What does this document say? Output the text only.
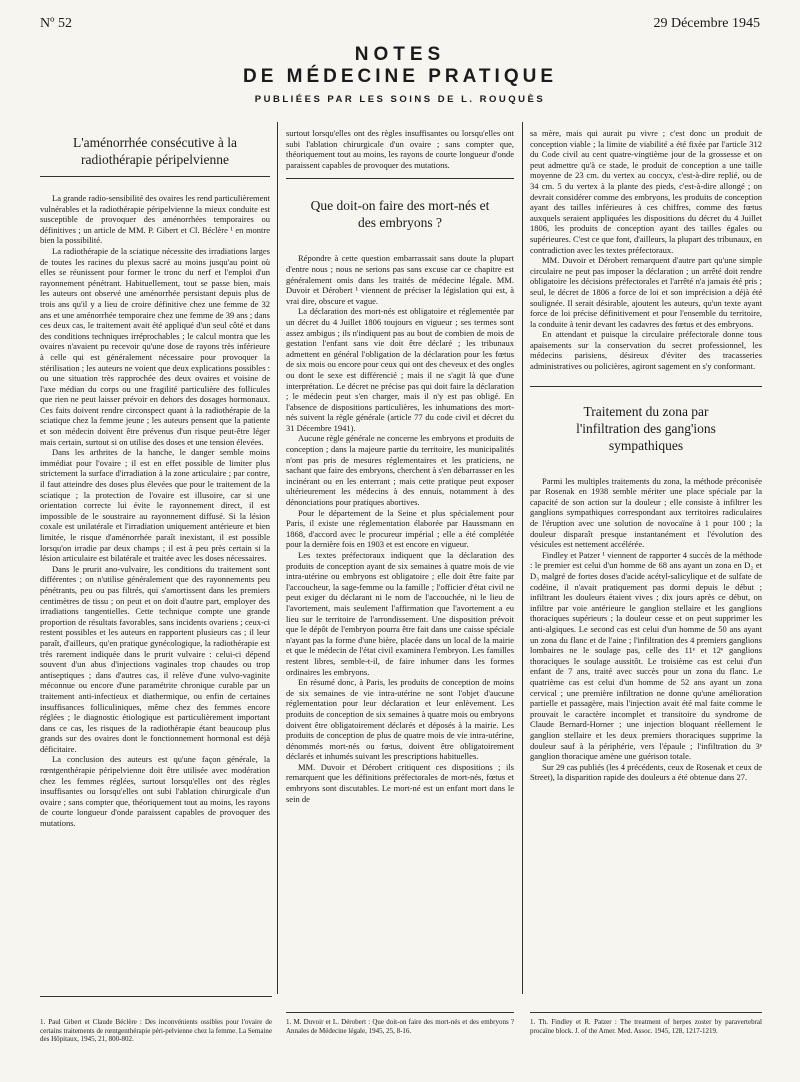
Nº 52	29 Décembre 1945
NOTES
DE MÉDECINE PRATIQUE
PUBLIÉES PAR LES SOINS DE L. ROUQUÈS
L'aménorrhée consécutive à la radiothérapie péripelvienne

La grande radio-sensibilité des ovaires les rend particulièrement vulnérables et la radiothérapie péripelvienne la mieux conduite est susceptible de provoquer des aménorrhées temporaires ou définitives ; un article de MM. P. Gibert et Cl. Béclère ¹ en montre bien la possibilité.

La radiothérapie de la sciatique nécessite des irradiations larges de toutes les racines du plexus sacré au moins jusqu'au point où elles se réunissent pour former le tronc du nerf et l'emploi d'un rayonnement pénétrant. Habituellement, tout se passe bien, mais les auteurs ont observé une aménorrhée persistant depuis plus de trois ans qu'il y a lieu de croire définitive chez une femme de 32 ans et une aménorrhée temporaire chez une femme de 39 ans ; dans ces deux cas, le traitement avait été appliqué d'un seul côté et dans des conditions techniques irréprochables ; le calcul montra que les ovaires n'avaient pu recevoir qu'une dose de rayons très inférieure à celle qui est généralement nécessaire pour provoquer la stérilisation ; les auteurs ne voient que deux explications possibles : ou une situation très rapprochée des deux ovaires et voisine de l'axe médian du corps ou une fragilité particulière des follicules que rien ne peut laisser prévoir en dehors des dosages hormonaux. Ces faits doivent rendre circonspect quant à la radiothérapie de la sciatique chez la femme jeune ; les auteurs pensent que la patiente et son médecin doivent être prévenus d'un risque peut-être léger mais certain, surtout si on utilise des doses et une tension élevées.

Dans les arthrites de la hanche, le danger semble moins immédiat pour l'ovaire ; il est en effet possible de limiter plus strictement la surface d'irradiation à la zone articulaire ; par contre, il faut atteindre des doses plus élevées que pour le traitement de la sciatique ; la protection de l'ovaire est illusoire, car si une orientation correcte lui évite le rayonnement direct, il est impossible de le soustraire au rayonnement diffusé. Si la lésion coxale est unilatérale et l'irradiation uniquement antérieure et bien limitée, le risque d'aménorrhée paraît inexistant, il est possible lorsqu'on irradie par deux champs ; il est à peu près certain si la lésion articulaire est bilatérale et traitée avec les doses nécessaires.

Dans le prurit ano-vulvaire, les conditions du traitement sont différentes ; on n'utilise généralement que des rayonnements peu pénétrants, peu ou pas filtrés, qui s'amortissent dans les premiers centimètres de tissu ; on peut et on doit d'autre part, employer des irradiations tangentielles. Cette technique compte une grande proportion de résultats favorables, sans incidents ovariens ; ceux-ci restent possibles et les auteurs en rapportent plusieurs cas ; il leur paraît, d'ailleurs, qu'en pratique gynécologique, la radiothérapie est très rarement indiquée dans le prurit vulvaire : celui-ci dépend souvent d'un abus d'injections vaginales trop chaudes ou trop antiseptiques ; dans d'autres cas, il relève d'une vulvo-vaginite méconnue ou encore d'une paramétrite chronique curable par un traitement anti-infectieux et diathermique, ou enfin de certaines insuffisances folliculiniques, même chez des femmes encore réglées ; le diagnostic étiologique est particulièrement important dans ce cas, les risques de la radiothérapie étant beaucoup plus grands sur des ovaires dont le fonctionnement hormonal est déjà déficitaire.

La conclusion des auteurs est qu'une façon générale, la rœntgenthérapie péripelvienne doit être utilisée avec modération chez les femmes réglées, surtout lorsqu'elles ont des règles insuffisantes ou lorsqu'elles ont subi l'ablation chirurgicale d'un ovaire ; sans compter que, théoriquement tout au moins, les rayons de courte longueur d'onde paraissent capables de provoquer des mutations.

surtout lorsqu'elles ont des règles insuffisantes ou lorsqu'elles ont subi l'ablation chirurgicale d'un ovaire ; sans compter que, théoriquement tout au moins, les rayons de courte longueur d'onde paraissent capables de provoquer des mutations.

Que doit-on faire des mort-nés et des embryons ?

Répondre à cette question embarrassait sans doute la plupart d'entre nous ; nous ne serions pas sans excuse car ce chapitre est généralement omis dans les traités de médecine légale. MM. Duvoir et Dérobert ¹ viennent de préciser la législation qui est, à vrai dire, obscure et vague.

La déclaration des mort-nés est obligatoire et réglementée par un décret du 4 Juillet 1806 toujours en vigueur ; ses termes sont assez ambigus ; ils n'indiquent pas au bout de combien de mois de gestation l'enfant sans vie doit être déclaré ; les tribunaux admettent en général l'obligation de la déclaration pour les fœtus de six mois ou encore pour ceux qui ont des cheveux et des ongles ou dont le sexe est différencié ; mais il ne s'agit là que d'une interprétation. Le décret ne précise pas qui doit faire la déclaration ; le médecin peut s'en charger, mais il n'y est pas obligé. En l'absence de dispositions particulières, les inhumations des mort-nés suivent la règle générale (article 77 du code civil et décret du 31 Décembre 1941).

Aucune règle générale ne concerne les embryons et produits de conception ; dans la majeure partie du territoire, les municipalités n'ont pas pris de mesures réglementaires et les praticiens, ne sachant que faire des embryons, cherchent à s'en débarrasser en les incinérant ou en les enterrant ; mais cette pratique peut exposer ultérieurement les médecins à des ennuis, notamment à des dénonciations pour pratiques abortives.

Pour le département de la Seine et plus spécialement pour Paris, il existe une réglementation élaborée par Haussmann en 1868, d'accord avec le procureur impérial ; elle a été complétée pour la dernière fois en 1903 et est encore en vigueur.

Les textes préfectoraux indiquent que la déclaration des produits de conception ayant de six semaines à quatre mois de vie intra-utérine ou embryons est obligatoire ; elle doit être faite par l'accoucheur, la sage-femme ou la famille ; l'officier d'état civil ne peut exiger du déclarant ni le nom de l'accouchée, ni le lieu de l'avortement, mais seulement l'affirmation que l'avortement a eu lieu sur le territoire de l'arrondissement. Une disposition prévoit que le dépôt de l'embryon pourra être fait dans une caisse spéciale n'ayant pas la forme d'une bière, placée dans un local de la mairie et que le médecin de l'état civil examinera l'embryon. Les familles restent libres, semble-t-il, de faire inhumer dans les formes ordinaires les embryons.

En résumé donc, à Paris, les produits de conception de moins de six semaines de vie intra-utérine ne sont l'objet d'aucune réglementation pour leur déclaration et leur enlèvement. Les produits de conception de six semaines à quatre mois ou embryons doivent être obligatoirement déclarés et déposés à la mairie. Les produits de conception de plus de quatre mois de vie intra-utérine, dénommés mort-nés ou fœtus, doivent être obligatoirement déclarés et inhumés suivant les prescriptions habituelles.

MM. Duvoir et Dérobert critiquent ces dispositions ; ils remarquent que les définitions préfectorales de mort-nés, fœtus et embryons sont discutables. Le mort-né est un enfant mort dans le sein de

sa mère, mais qui aurait pu vivre ; c'est donc un produit de conception viable ; la limite de viabilité a été fixée par l'article 312 du Code civil au cent quatre-vingtième jour de la grossesse et on peut admettre qu'à ce stade, le produit de conception a une taille moyenne de 23 cm. du vertex au coccyx, c'est-à-dire replié, ou de 34 cm. 5 du vertex à la plante des pieds, c'est-à-dire allongé ; on devrait considérer comme des embryons, les produits de conception ayant des tailles inférieures à ces chiffres, comme des fœtus auxquels seraient appliquées les dispositions du décret du 4 Juillet 1806, les produits de conception ayant des tailles égales ou supérieures. C'est ce que font, d'ailleurs, la plupart des tribunaux, en contradiction avec les textes préfectoraux.

MM. Duvoir et Dérobert remarquent d'autre part qu'une simple circulaire ne peut pas imposer la déclaration ; un arrêté doit rendre obligatoire les décisions préfectorales et l'arrêté n'a jamais été pris ; seul, le décret de 1806 a force de loi et son imprécision a déjà été soulignée. Il serait désirable, ajoutent les auteurs, qu'un texte ayant force de loi précise définitivement et pour l'ensemble du territoire, la conduite à tenir devant les cadavres des fœtus et des embryons.

En attendant et puisque la circulaire préfectorale donne tous apaisements sur la conservation du secret professionnel, les médecins parisiens, désireux d'éviter des tracasseries administratives ou policières, agiront sagement en s'y conformant.

Traitement du zona par l'infiltration des gang'ions sympathiques

Parmi les multiples traitements du zona, la méthode préconisée par Rosenak en 1938 semble mériter une place spéciale par la capacité de son action sur la douleur ; elle consiste à infiltrer les ganglions sympathiques correspondant aux territoires radiculaires de l'éruption avec une solution de novocaïne à 1 pour 100 ; la douleur disparaît presque instantanément et l'évolution des vésicules est nettement accélérée.

Findley et Patzer ¹ viennent de rapporter 4 succès de la méthode : le premier est celui d'un homme de 68 ans ayant un zona en D₂ et D₃ malgré de fortes doses d'acide acétyl-salicylique et de sulfate de codéine, il n'avait pratiquement pas dormi depuis le début ; infiltrant les douleurs étaient vives ; dix jours après ce début, on infiltre par voie antérieure le ganglion stellaire et les ganglions thoraciques supérieurs ; la douleur cesse et on peut supprimer les anti-algiques. Le second cas est celui d'un homme de 50 ans ayant un zona du flanc et de l'aine ; l'infiltration des 4 premiers ganglions lombaires ne le soulage pas, celle des 11ᵉ et 12ᵉ ganglions thoraciques le soulage aussitôt. Le troisième cas est celui d'un enfant de 7 ans, traité avec succès pour un zona du flanc. Le quatrième cas est celui d'un homme de 52 ans ayant un zona cervical ; une première infiltration ne donne qu'une amélioration partielle et passagère, mais l'injection avait été mal faite comme le prouvait le caractère incomplet et transitoire du syndrome de Claude Bernard-Horner ; une injection bloquant réellement le ganglion stellaire et les deux premiers thoraciques supprime la douleur sauf à la périphérie, vers l'épaule ; l'infiltration du 3ᵉ ganglion thoracique amène une guérison totale.

Sur 29 cas publiés (les 4 précédents, ceux de Rosenak et ceux de Street), la disparition rapide des douleurs a été obtenue dans 27.

1. Paul Gibert et Claude Béclère : Des inconvénients ossibles pour l'ovaire de certains traitements de rœntgenthérapie péri-pelvienne chez la femme. La Semaine des Hôpitaux, 1945, 21, 800-802.
1. M. Duvoir et L. Dérobert : Que doit-on faire des mort-nés et des embryons ? Annales de Médecine légale, 1945, 25, 8-16.
1. Th. Findley et R. Patzer : The treatment of herpes zoster by paravertebral procaïne block. J. of the Amer. Med. Assoc. 1945, 128, 1217-1219.
